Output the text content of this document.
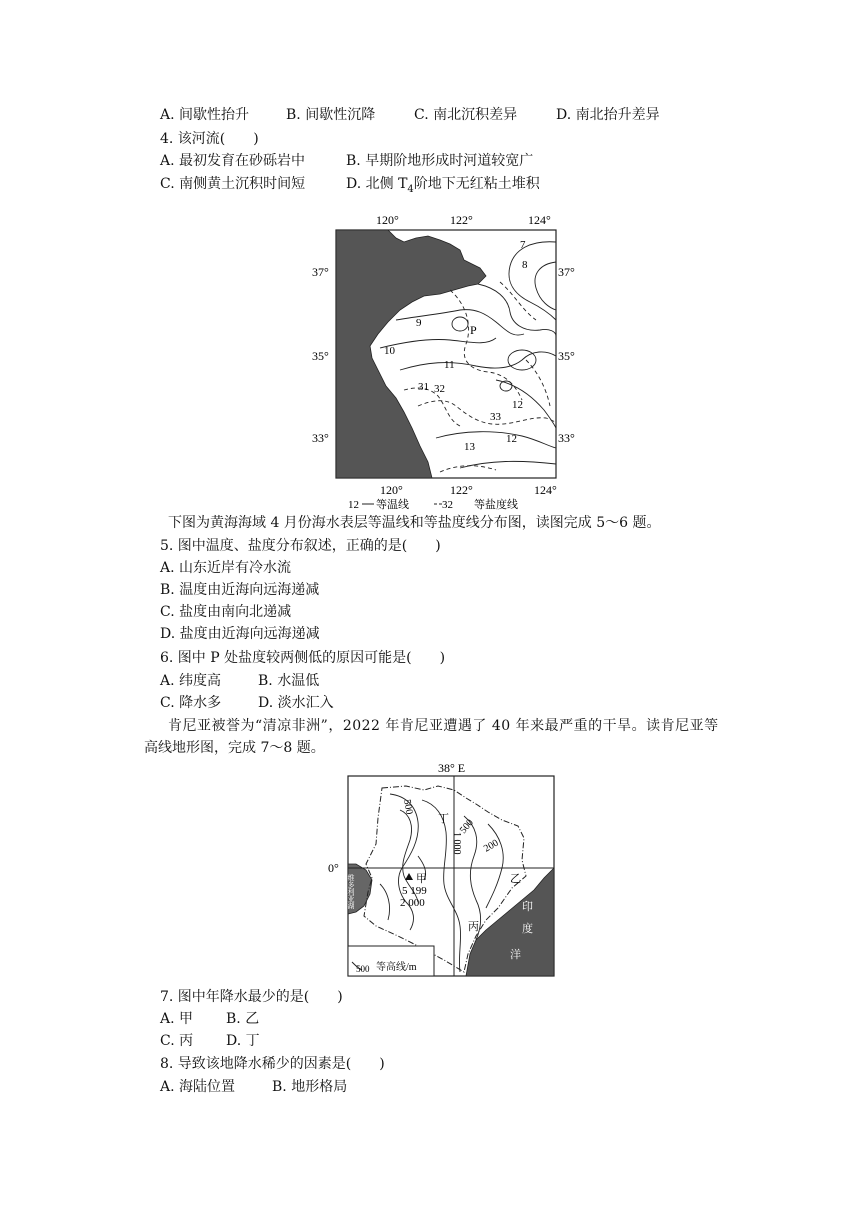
A. 间歇性抬升	B. 间歇性沉降	C. 南北沉积差异	D. 南北抬升差异
4. 该河流(　　)
A. 最初发育在砂砾岩中	B. 早期阶地形成时河道较宽广
C. 南侧黄土沉积时间短	D. 北侧 $T_4$阶地下无红粘土堆积
120°	122°	124°
120°	122°	124°
37°
35°
33°
37°
35°
33°
7
8
9
10
11
12
12
13
31 32
33
P
12 等温线	32 等盐度线
下图为黄海海域 4 月份海水表层等温线和等盐度线分布图，读图完成 5～6 题。
5. 图中温度、盐度分布叙述，正确的是(　　)
A. 山东近岸有冷水流
B. 温度由近海向远海递减
C. 盐度由南向北递减
D. 盐度由近海向远海递减
6. 图中 P 处盐度较两侧低的原因可能是(　　)
A. 纬度高	B. 水温低
C. 降水多	D. 淡水汇入
肯尼亚被誉为“清凉非洲”，2022 年肯尼亚遭遇了 40 年来最严重的干旱。读肯尼亚等
高线地形图，完成 7～8 题。
38° E
0°
维多利亚湖
500
1 000
500
200
2 000
甲
5 199
丁
乙
丙
印
度
洋
500 等高线/m
7. 图中年降水最少的是(　　)
A. 甲 B. 乙
C. 丙 D. 丁
8. 导致该地降水稀少的因素是(　　)
A. 海陆位置	B. 地形格局
